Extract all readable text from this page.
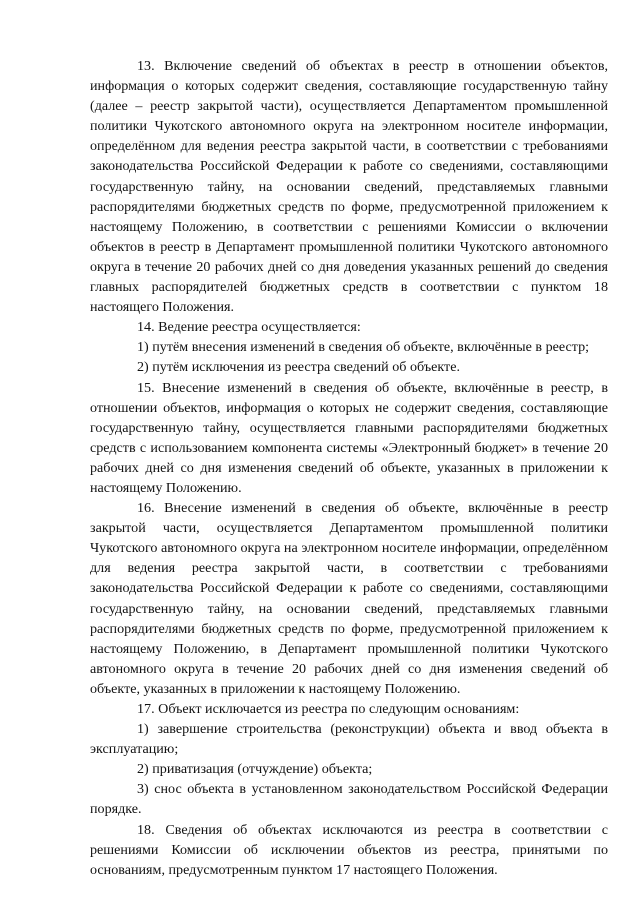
13. Включение сведений об объектах в реестр в отношении объектов, информация о которых содержит сведения, составляющие государственную тайну (далее – реестр закрытой части), осуществляется Департаментом промышленной политики Чукотского автономного округа на электронном носителе информации, определённом для ведения реестра закрытой части, в соответствии с требованиями законодательства Российской Федерации к работе со сведениями, составляющими государственную тайну, на основании сведений, представляемых главными распорядителями бюджетных средств по форме, предусмотренной приложением к настоящему Положению, в соответствии с решениями Комиссии о включении объектов в реестр в Департамент промышленной политики Чукотского автономного округа в течение 20 рабочих дней со дня доведения указанных решений до сведения главных распорядителей бюджетных средств в соответствии с пунктом 18 настоящего Положения.

14. Ведение реестра осуществляется:

1) путём внесения изменений в сведения об объекте, включённые в реестр;

2) путём исключения из реестра сведений об объекте.

15. Внесение изменений в сведения об объекте, включённые в реестр, в отношении объектов, информация о которых не содержит сведения, составляющие государственную тайну, осуществляется главными распорядителями бюджетных средств с использованием компонента системы «Электронный бюджет» в течение 20 рабочих дней со дня изменения сведений об объекте, указанных в приложении к настоящему Положению.

16. Внесение изменений в сведения об объекте, включённые в реестр закрытой части, осуществляется Департаментом промышленной политики Чукотского автономного округа на электронном носителе информации, определённом для ведения реестра закрытой части, в соответствии с требованиями законодательства Российской Федерации к работе со сведениями, составляющими государственную тайну, на основании сведений, представляемых главными распорядителями бюджетных средств по форме, предусмотренной приложением к настоящему Положению, в Департамент промышленной политики Чукотского автономного округа в течение 20 рабочих дней со дня изменения сведений об объекте, указанных в приложении к настоящему Положению.

17. Объект исключается из реестра по следующим основаниям:

1) завершение строительства (реконструкции) объекта и ввод объекта в эксплуатацию;

2) приватизация (отчуждение) объекта;

3) снос объекта в установленном законодательством Российской Федерации порядке.

18. Сведения об объектах исключаются из реестра в соответствии с решениями Комиссии об исключении объектов из реестра, принятыми по основаниям, предусмотренным пунктом 17 настоящего Положения.
